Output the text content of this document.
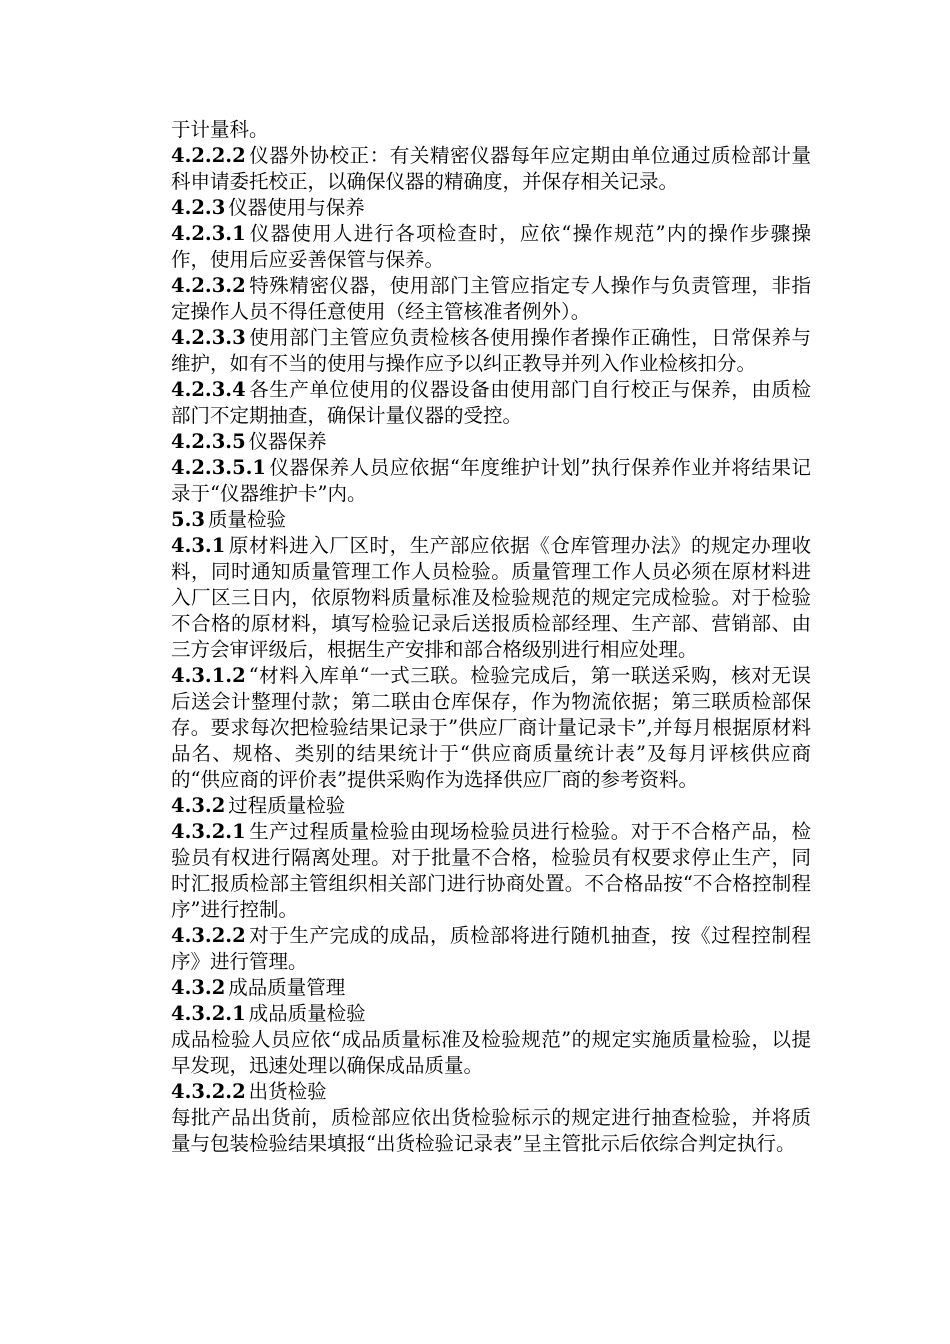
于计量科。

4.2.2.2 仪器外协校正：有关精密仪器每年应定期由单位通过质检部计量科申请委托校正，以确保仪器的精确度，并保存相关记录。

4.2.3 仪器使用与保养

4.2.3.1 仪器使用人进行各项检查时，应依“操作规范”内的操作步骤操作，使用后应妥善保管与保养。

4.2.3.2 特殊精密仪器，使用部门主管应指定专人操作与负责管理，非指定操作人员不得任意使用（经主管核准者例外）。

4.2.3.3 使用部门主管应负责检核各使用操作者操作正确性，日常保养与维护，如有不当的使用与操作应予以纠正教导并列入作业检核扣分。

4.2.3.4 各生产单位使用的仪器设备由使用部门自行校正与保养，由质检部门不定期抽查，确保计量仪器的受控。

4.2.3.5 仪器保养

4.2.3.5.1 仪器保养人员应依据“年度维护计划”执行保养作业并将结果记录于“仪器维护卡”内。

5.3 质量检验

4.3.1 原材料进入厂区时，生产部应依据《仓库管理办法》的规定办理收料，同时通知质量管理工作人员检验。质量管理工作人员必须在原材料进入厂区三日内，依原物料质量标准及检验规范的规定完成检验。对于检验不合格的原材料，填写检验记录后送报质检部经理、生产部、营销部、由三方会审评级后，根据生产安排和部合格级别进行相应处理。

4.3.1.2 “材料入库单“一式三联。检验完成后，第一联送采购，核对无误后送会计整理付款；第二联由仓库保存，作为物流依据；第三联质检部保存。要求每次把检验结果记录于”供应厂商计量记录卡”,并每月根据原材料品名、规格、类别的结果统计于“供应商质量统计表”及每月评核供应商的“供应商的评价表”提供采购作为选择供应厂商的参考资料。

4.3.2 过程质量检验

4.3.2.1 生产过程质量检验由现场检验员进行检验。对于不合格产品，检验员有权进行隔离处理。对于批量不合格，检验员有权要求停止生产，同时汇报质检部主管组织相关部门进行协商处置。不合格品按“不合格控制程序”进行控制。

4.3.2.2 对于生产完成的成品，质检部将进行随机抽查，按《过程控制程序》进行管理。

4.3.2 成品质量管理

4.3.2.1 成品质量检验

成品检验人员应依“成品质量标准及检验规范”的规定实施质量检验，以提早发现，迅速处理以确保成品质量。

4.3.2.2 出货检验

每批产品出货前，质检部应依出货检验标示的规定进行抽查检验，并将质量与包装检验结果填报“出货检验记录表”呈主管批示后依综合判定执行。
